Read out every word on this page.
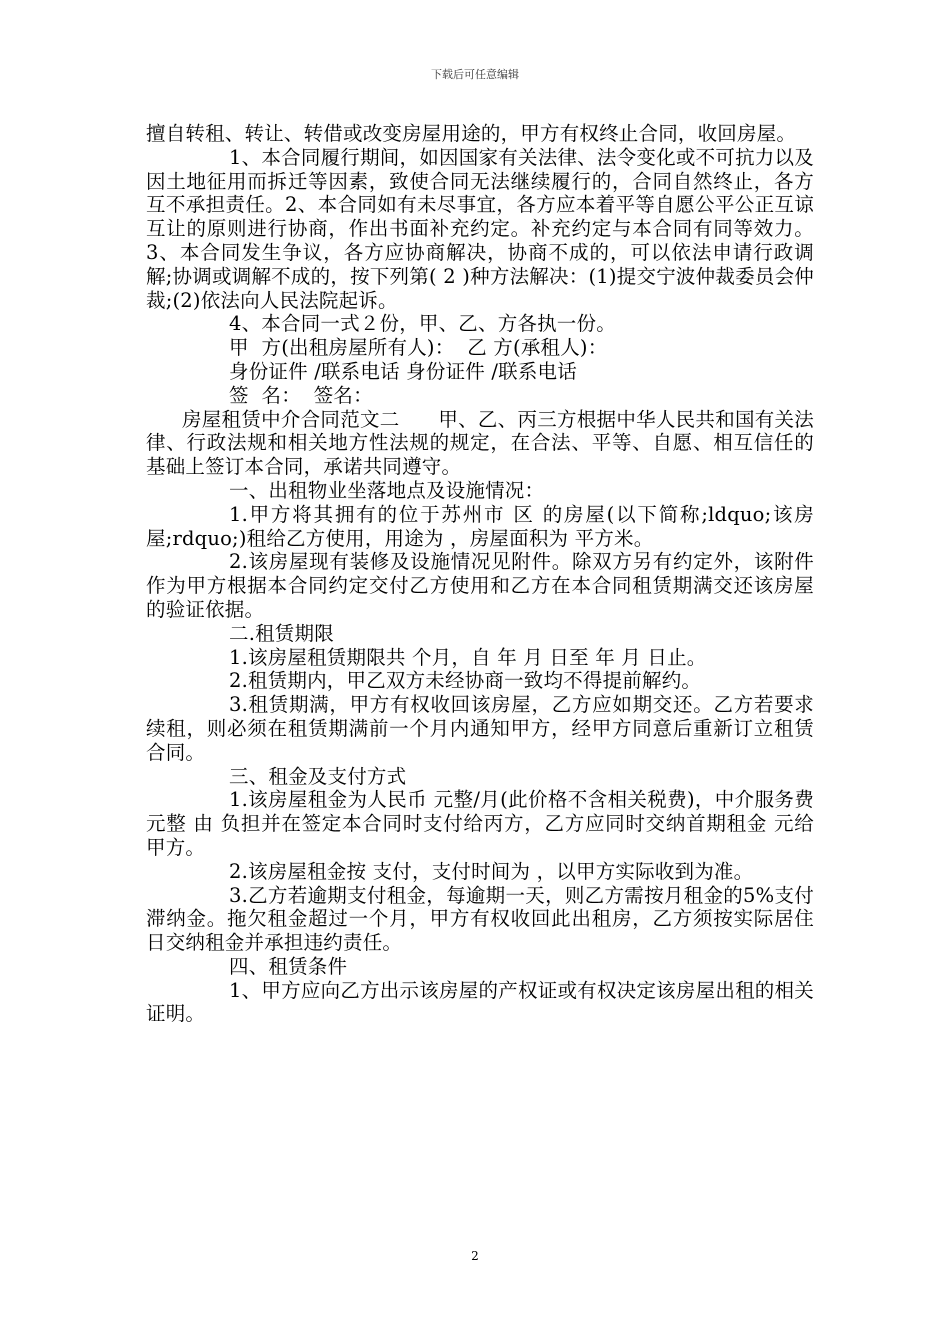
下载后可任意编辑

擅自转租、转让、转借或改变房屋用途的，甲方有权终止合同，收回房屋。

1、本合同履行期间，如因国家有关法律、法令变化或不可抗力以及因土地征用而拆迁等因素，致使合同无法继续履行的，合同自然终止，各方互不承担责任。2、本合同如有未尽事宜，各方应本着平等自愿公平公正互谅互让的原则进行协商，作出书面补充约定。补充约定与本合同有同等效力。3、本合同发生争议，各方应协商解决，协商不成的，可以依法申请行政调解;协调或调解不成的，按下列第( 2 )种方法解决：(1)提交宁波仲裁委员会仲裁;(2)依法向人民法院起诉。

4、本合同一式２份，甲、乙、方各执一份。

甲  方(出租房屋所有人)：  乙 方(承租人)：

身份证件 /联系电话 身份证件 /联系电话

签  名：  签名：

房屋租赁中介合同范文二      甲、乙、丙三方根据中华人民共和国有关法律、行政法规和相关地方性法规的规定，在合法、平等、自愿、相互信任的基础上签订本合同，承诺共同遵守。

一、出租物业坐落地点及设施情况：

1.甲方将其拥有的位于苏州市 区 的房屋(以下简称;ldquo;该房屋;rdquo;)租给乙方使用，用途为 ，房屋面积为 平方米。

2.该房屋现有装修及设施情况见附件。除双方另有约定外，该附件作为甲方根据本合同约定交付乙方使用和乙方在本合同租赁期满交还该房屋的验证依据。

二.租赁期限

1.该房屋租赁期限共 个月，自 年 月 日至 年 月 日止。

2.租赁期内，甲乙双方未经协商一致均不得提前解约。

3.租赁期满，甲方有权收回该房屋，乙方应如期交还。乙方若要求续租，则必须在租赁期满前一个月内通知甲方，经甲方同意后重新订立租赁合同。

三、租金及支付方式

1.该房屋租金为人民币 元整/月(此价格不含相关税费)，中介服务费 元整 由 负担并在签定本合同时支付给丙方，乙方应同时交纳首期租金 元给甲方。

2.该房屋租金按 支付，支付时间为 ，以甲方实际收到为准。

3.乙方若逾期支付租金，每逾期一天，则乙方需按月租金的5%支付滞纳金。拖欠租金超过一个月，甲方有权收回此出租房，乙方须按实际居住日交纳租金并承担违约责任。

四、租赁条件

1、甲方应向乙方出示该房屋的产权证或有权决定该房屋出租的相关证明。

2
